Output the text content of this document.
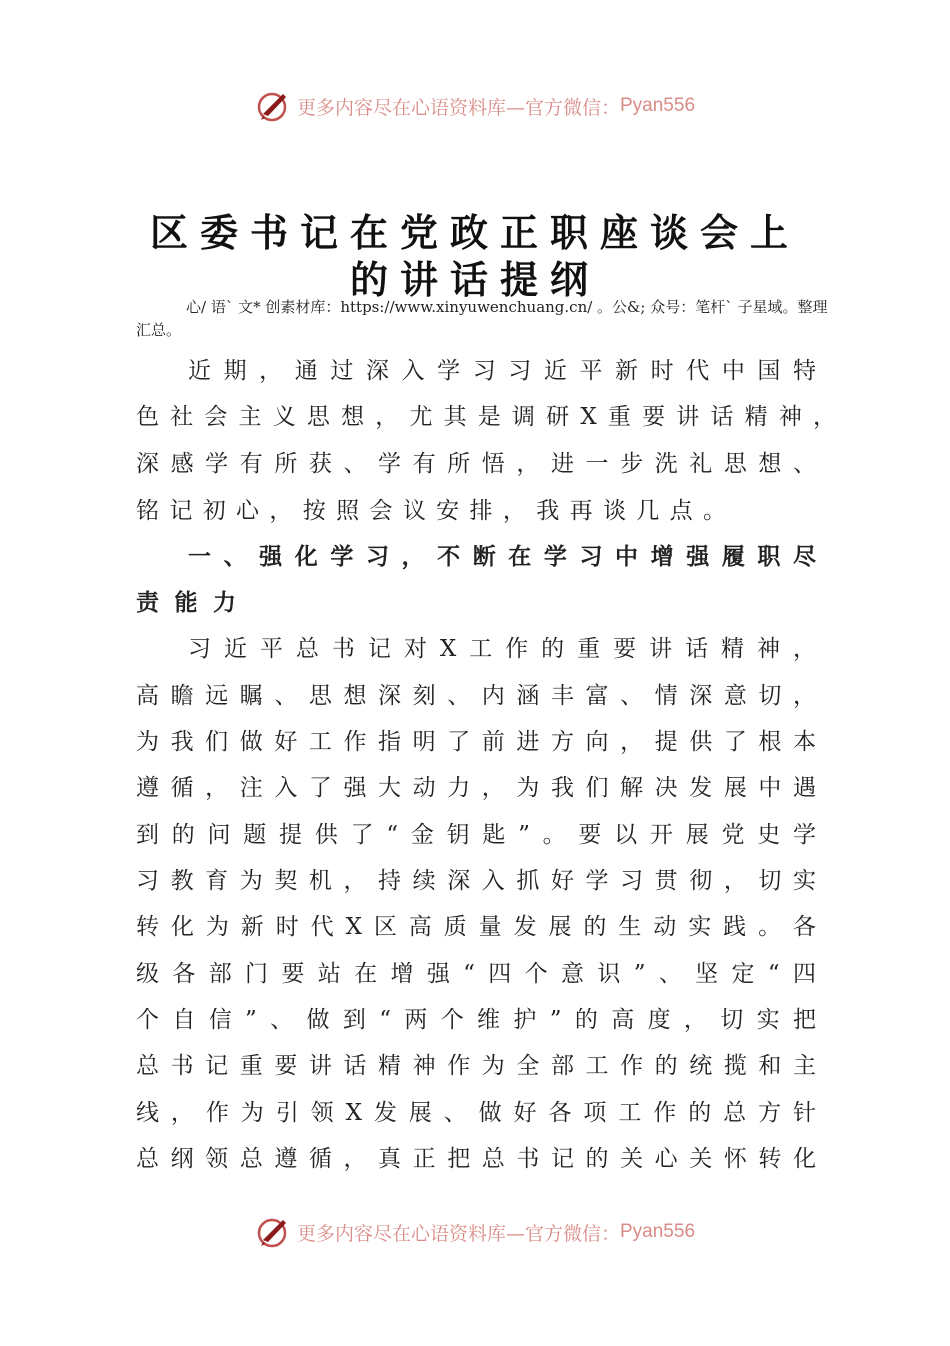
更多内容尽在心语资料库—官方微信： Pyan556
区委书记在党政正职座谈会上
的讲话提纲
心/ 语` 文* 创素材库：https://www.xinyuwenchuang.cn/ 。公&; 众号：笔杆` 子星域。整理汇总。
近期，通过深入学习习近平新时代中国特
色社会主义思想，尤其是调研X重要讲话精神，
深感学有所获、学有所悟，进一步洗礼思想、
铭记初心，按照会议安排，我再谈几点。
一、强化学习，不断在学习中增强履职尽
责能力
习近平总书记对X工作的重要讲话精神，
高瞻远瞩、思想深刻、内涵丰富、情深意切，
为我们做好工作指明了前进方向，提供了根本
遵循，注入了强大动力，为我们解决发展中遇
到的问题提供了“金钥匙”。要以开展党史学
习教育为契机，持续深入抓好学习贯彻，切实
转化为新时代X区高质量发展的生动实践。各
级各部门要站在增强“四个意识”、坚定“四
个自信”、做到“两个维护”的高度，切实把
总书记重要讲话精神作为全部工作的统揽和主
线，作为引领X发展、做好各项工作的总方针
总纲领总遵循，真正把总书记的关心关怀转化
更多内容尽在心语资料库—官方微信： Pyan556
